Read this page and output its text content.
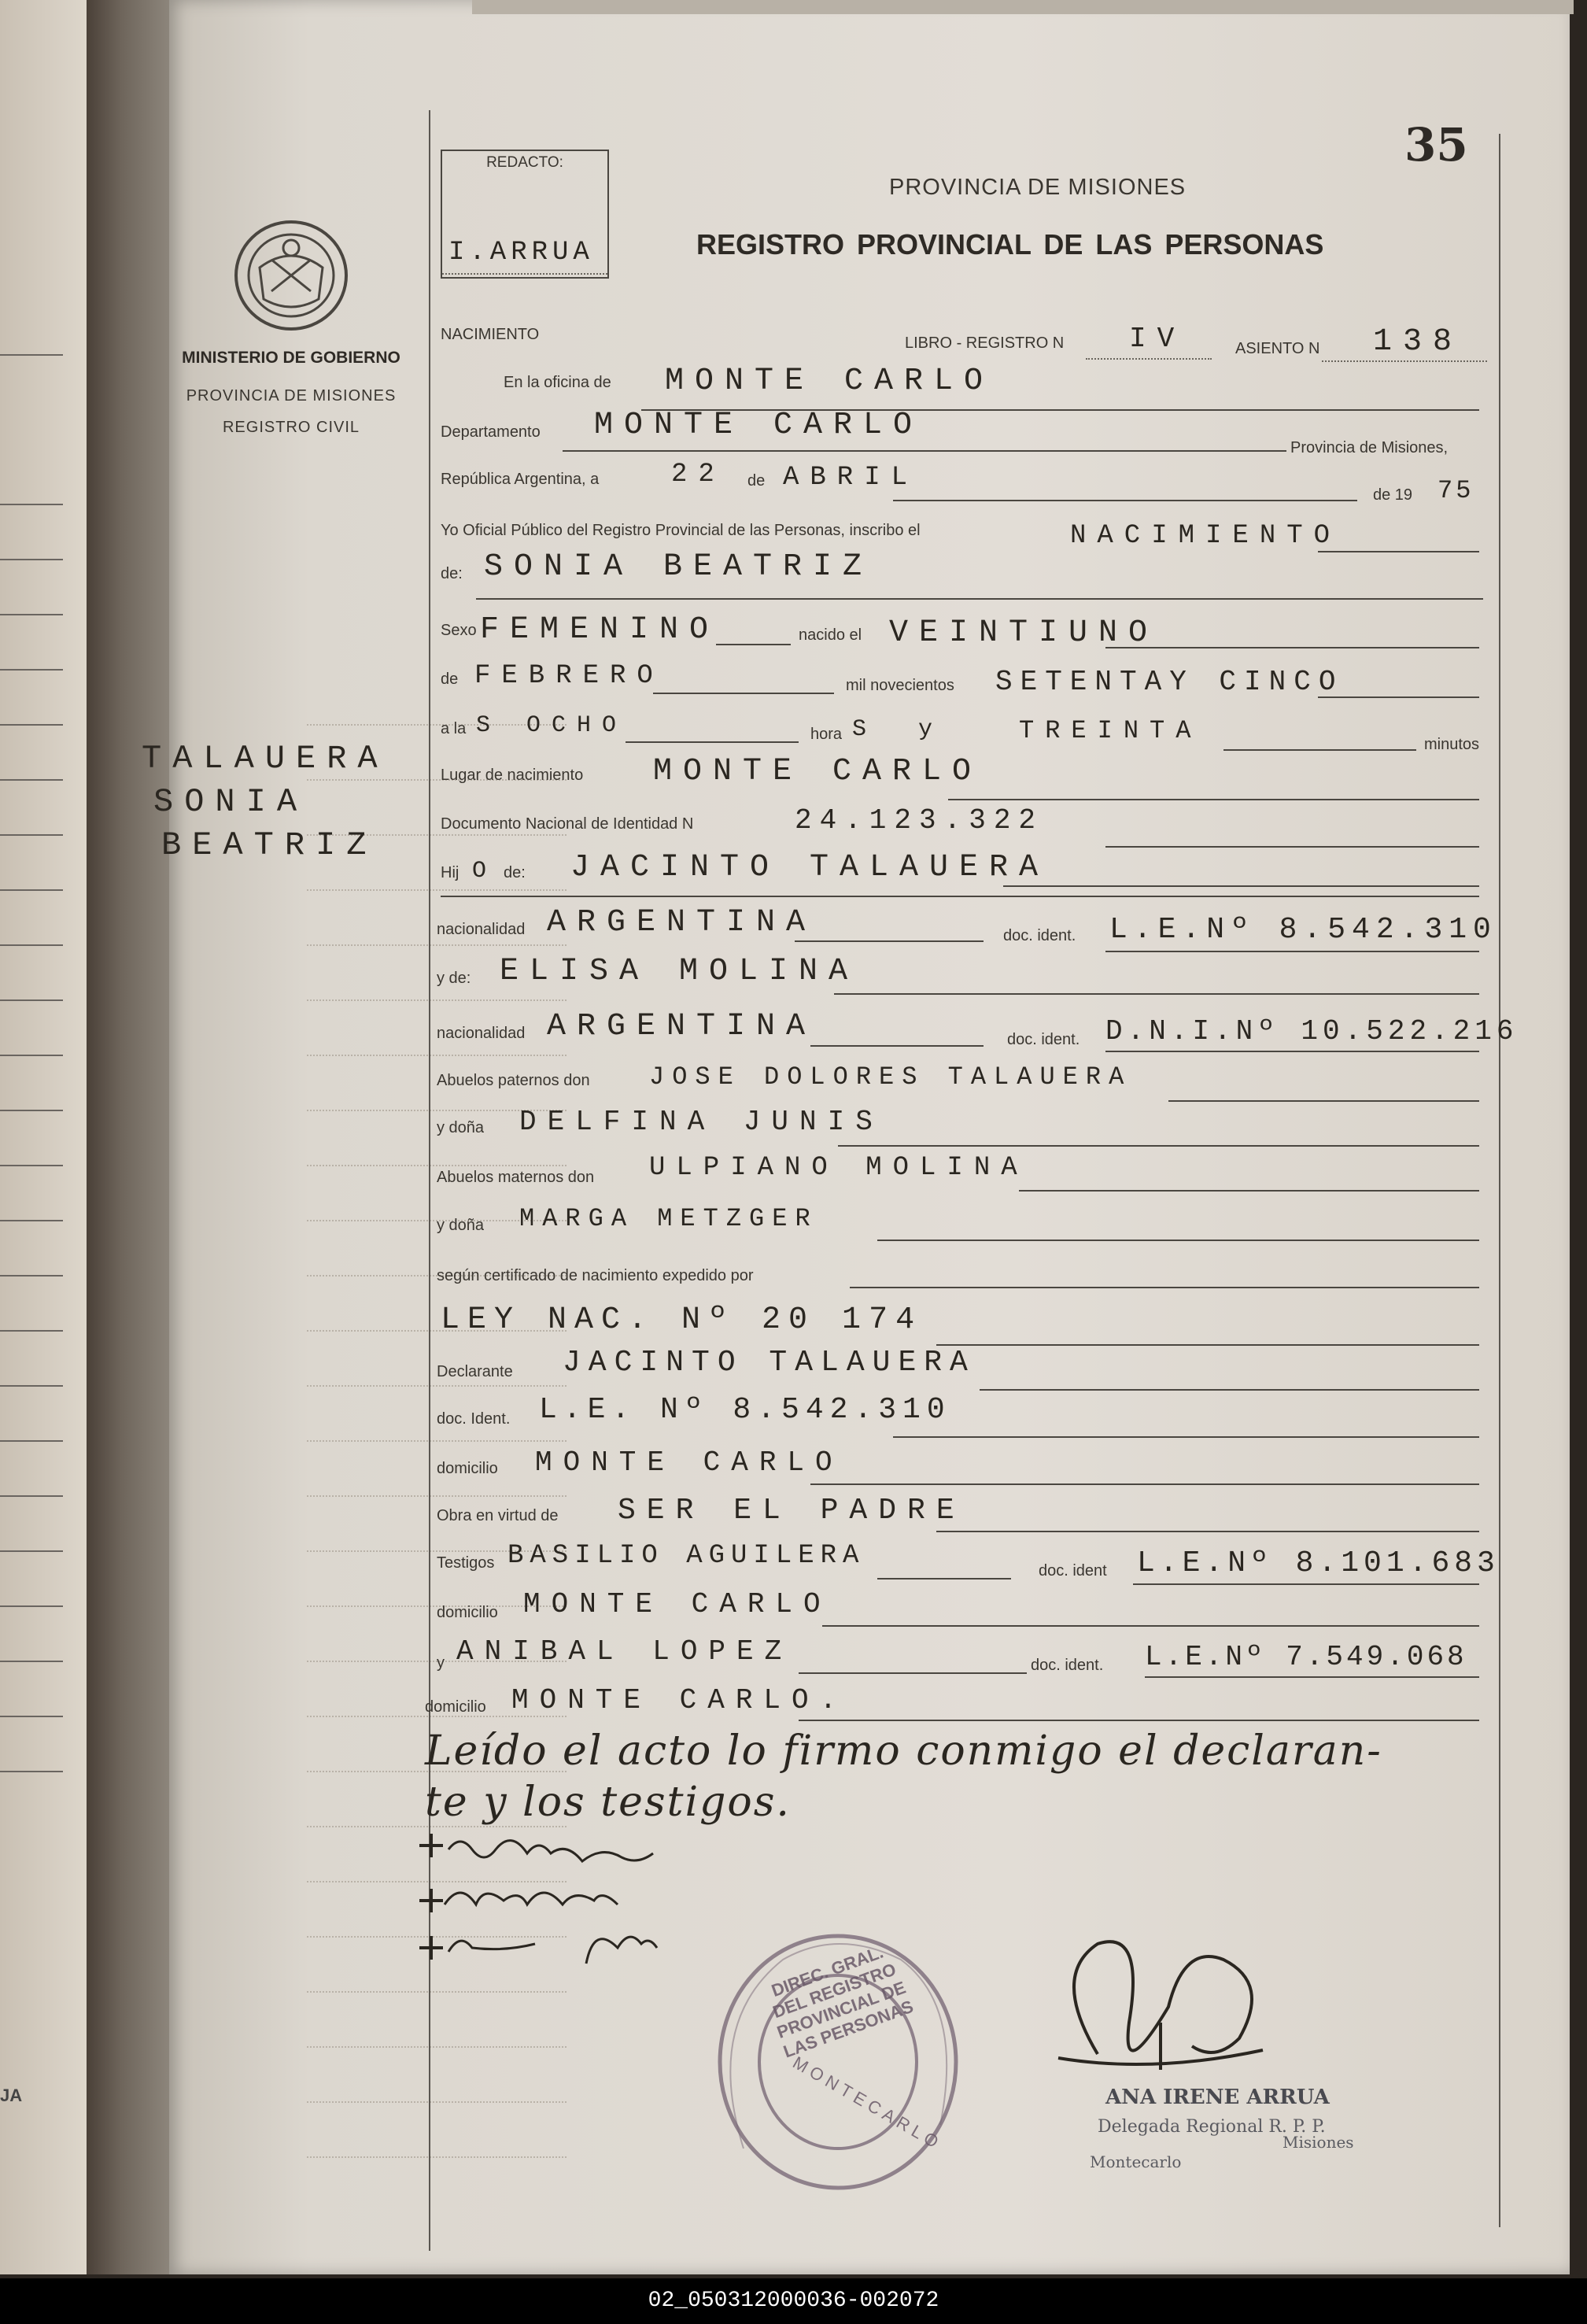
JA
MINISTERIO DE GOBIERNO
PROVINCIA DE MISIONES
REGISTRO CIVIL
TALAUERA
SONIA
BEATRIZ
REDACTO:
I.ARRUA
35
PROVINCIA DE MISIONES
REGISTRO PROVINCIAL DE LAS PERSONAS
NACIMIENTO	LIBRO - REGISTRO N IV	ASIENTO N 138
En la oficina de MONTE CARLO
Departamento MONTE CARLO
Provincia de Misiones,
República Argentina, a	22 de ABRIL
de 19 75
Yo Oficial Público del Registro Provincial de las Personas, inscribo el	NACIMIENTO
de: SONIA BEATRIZ
Sexo FEMENINO	nacido el VEINTIUNO
de FEBRERO	mil novecientos SETENTAY CINCO
a la S OCHO	hora S y	TREINTA	minutos
Lugar de nacimiento MONTE CARLO
Documento Nacional de Identidad N	24.123.322
Hij O de: JACINTO TALAUERA
nacionalidad ARGENTINA	doc. ident. L.E.Nº 8.542.310
y de: ELISA MOLINA
nacionalidad ARGENTINA	doc. ident. D.N.I.Nº 10.522.216
Abuelos paternos don JOSE DOLORES TALAUERA
y doña DELFINA JUNIS
Abuelos maternos don ULPIANO MOLINA
y doña MARGA METZGER
según certificado de nacimiento expedido por
LEY NAC. Nº 20 174
Declarante JACINTO TALAUERA
doc. Ident. L.E. Nº 8.542.310
domicilio MONTE CARLO
Obra en virtud de SER EL PADRE
Testigos BASILIO AGUILERA	doc. ident L.E.Nº 8.101.683
domicilio MONTE CARLO
y ANIBAL LOPEZ	doc. ident. L.E.Nº 7.549.068
domicilio MONTE CARLO.
Leído el acto lo firmo conmigo el declaran-
te y los testigos.
DIREC. GRAL. DEL REGISTRO PROVINCIAL DE LAS PERSONAS
MONTECARLO	ANA IRENE ARRUA
Delegada Regional R. P. P.
Montecarlo
Misiones
02_050312000036-002072
